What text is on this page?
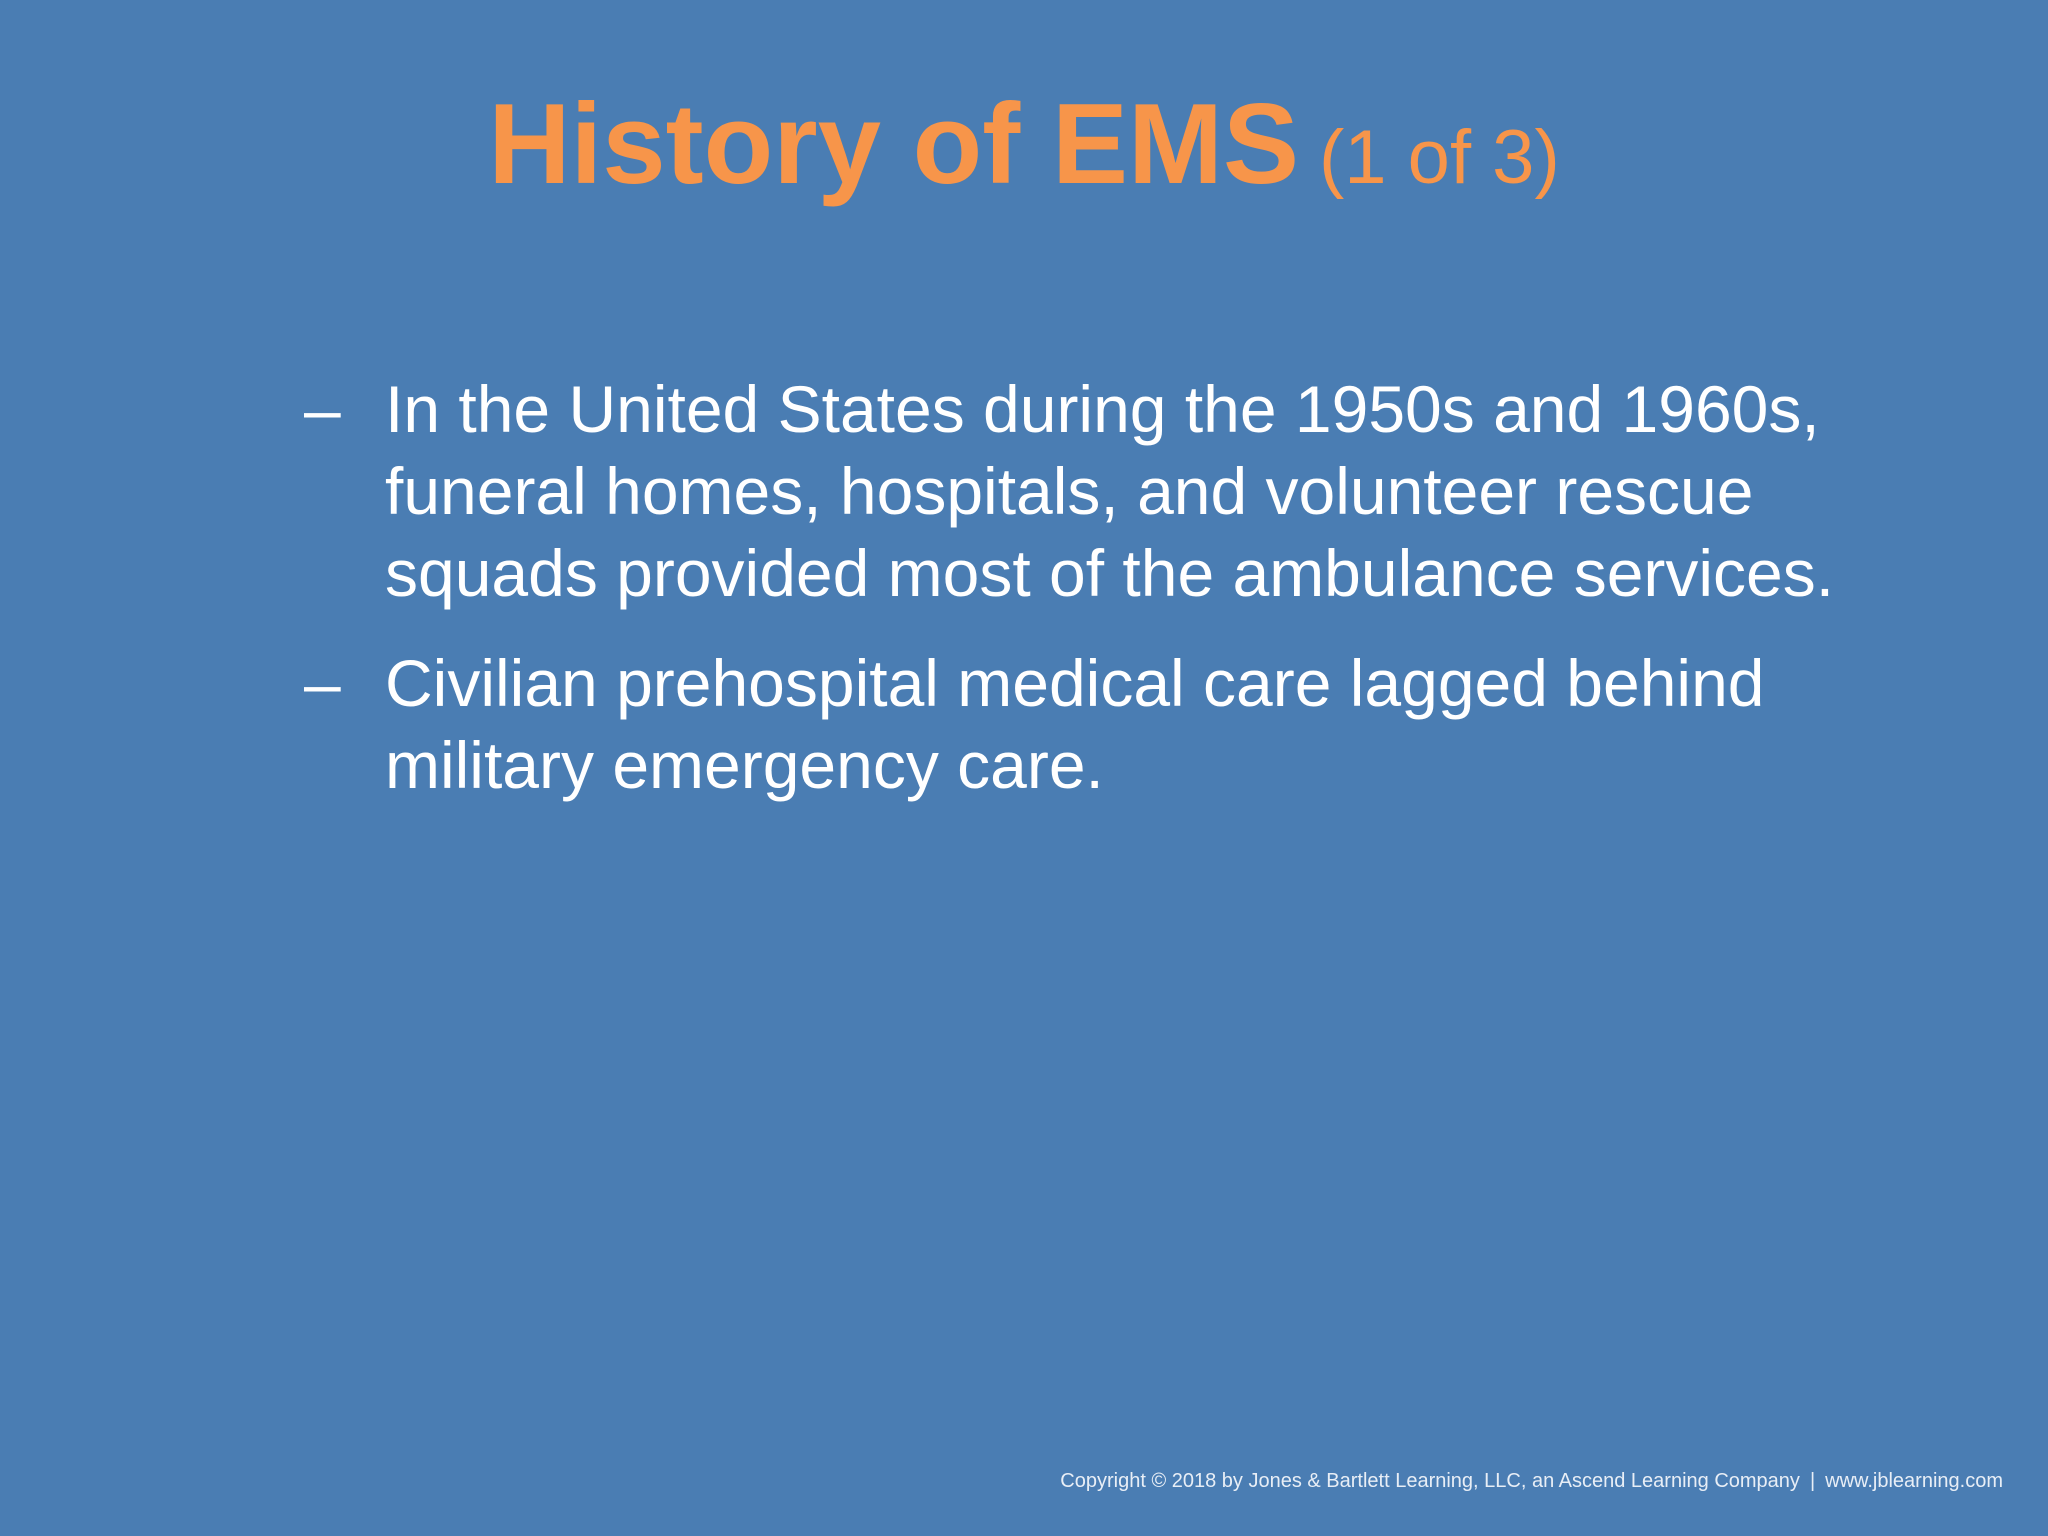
History of EMS (1 of 3)
– In the United States during the 1950s and 1960s, funeral homes, hospitals, and volunteer rescue squads provided most of the ambulance services.
– Civilian prehospital medical care lagged behind military emergency care.
Copyright © 2018 by Jones & Bartlett Learning, LLC, an Ascend Learning Company | www.jblearning.com
